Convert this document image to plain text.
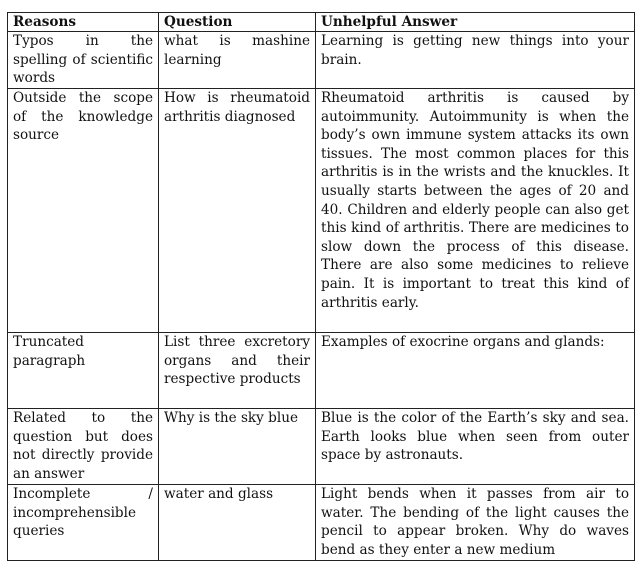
Reasons	Question	Unhelpful Answer

Typos in the spelling of scientific words	what is mashine learning	Learning is getting new things into your brain.

Outside the scope of the knowledge source	How is rheumatoid arthritis diagnosed	Rheumatoid arthritis is caused by autoimmunity. Autoimmunity is when the body’s own immune system attacks its own tissues. The most common places for this arthritis is in the wrists and the knuckles. It usually starts between the ages of 20 and 40. Children and elderly people can also get this kind of arthritis. There are medicines to slow down the process of this disease. There are also some medicines to relieve pain. It is important to treat this kind of arthritis early.

Truncated paragraph	List three excretory organs and their respective products	Examples of exocrine organs and glands:

Related to the question but does not directly provide an answer	Why is the sky blue	Blue is the color of the Earth’s sky and sea. Earth looks blue when seen from outer space by astronauts.

Incomplete / incomprehensible queries	water and glass	Light bends when it passes from air to water. The bending of the light causes the pencil to appear broken. Why do waves bend as they enter a new medium
